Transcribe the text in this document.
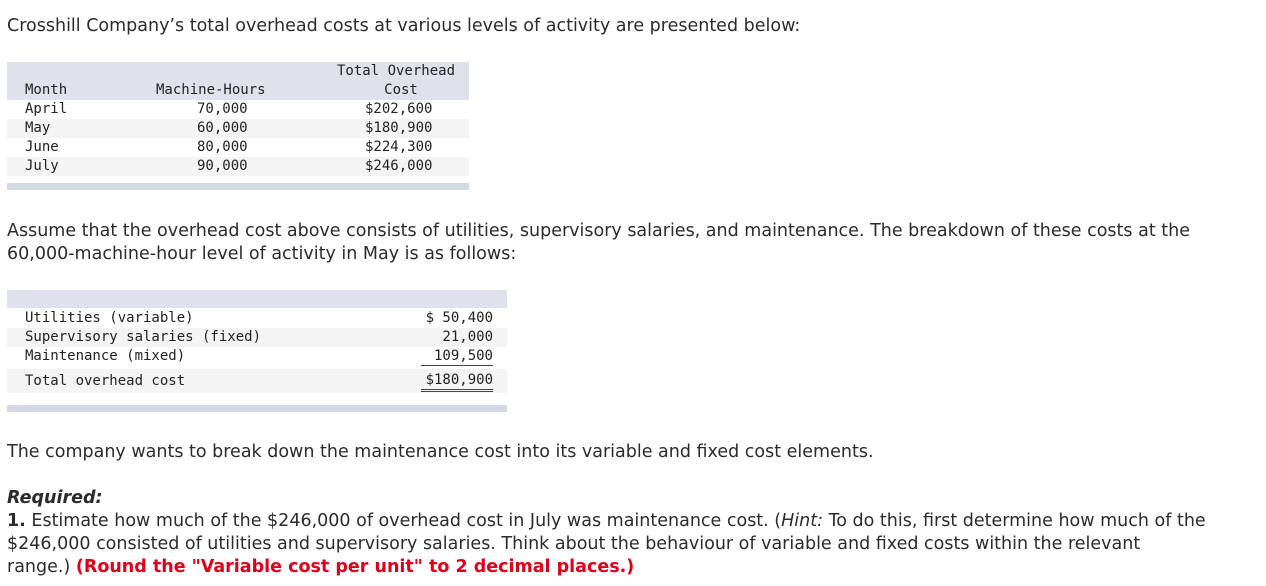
Crosshill Company’s total overhead costs at various levels of activity are presented below:
Month	Machine-Hours
Total Overhead
Cost
April	70,000	$202,600
May	60,000	$180,900
June	80,000	$224,300
July	90,000	$246,000
Assume that the overhead cost above consists of utilities, supervisory salaries, and maintenance. The breakdown of these costs at the 60,000-machine-hour level of activity in May is as follows:
Utilities (variable)	$ 50,400
Supervisory salaries (fixed)	21,000
Maintenance (mixed)	109,500
Total overhead cost	$180,900
The company wants to break down the maintenance cost into its variable and fixed cost elements.
Required:
1. Estimate how much of the $246,000 of overhead cost in July was maintenance cost. (Hint: To do this, first determine how much of the $246,000 consisted of utilities and supervisory salaries. Think about the behaviour of variable and fixed costs within the relevant range.) (Round the "Variable cost per unit" to 2 decimal places.)
